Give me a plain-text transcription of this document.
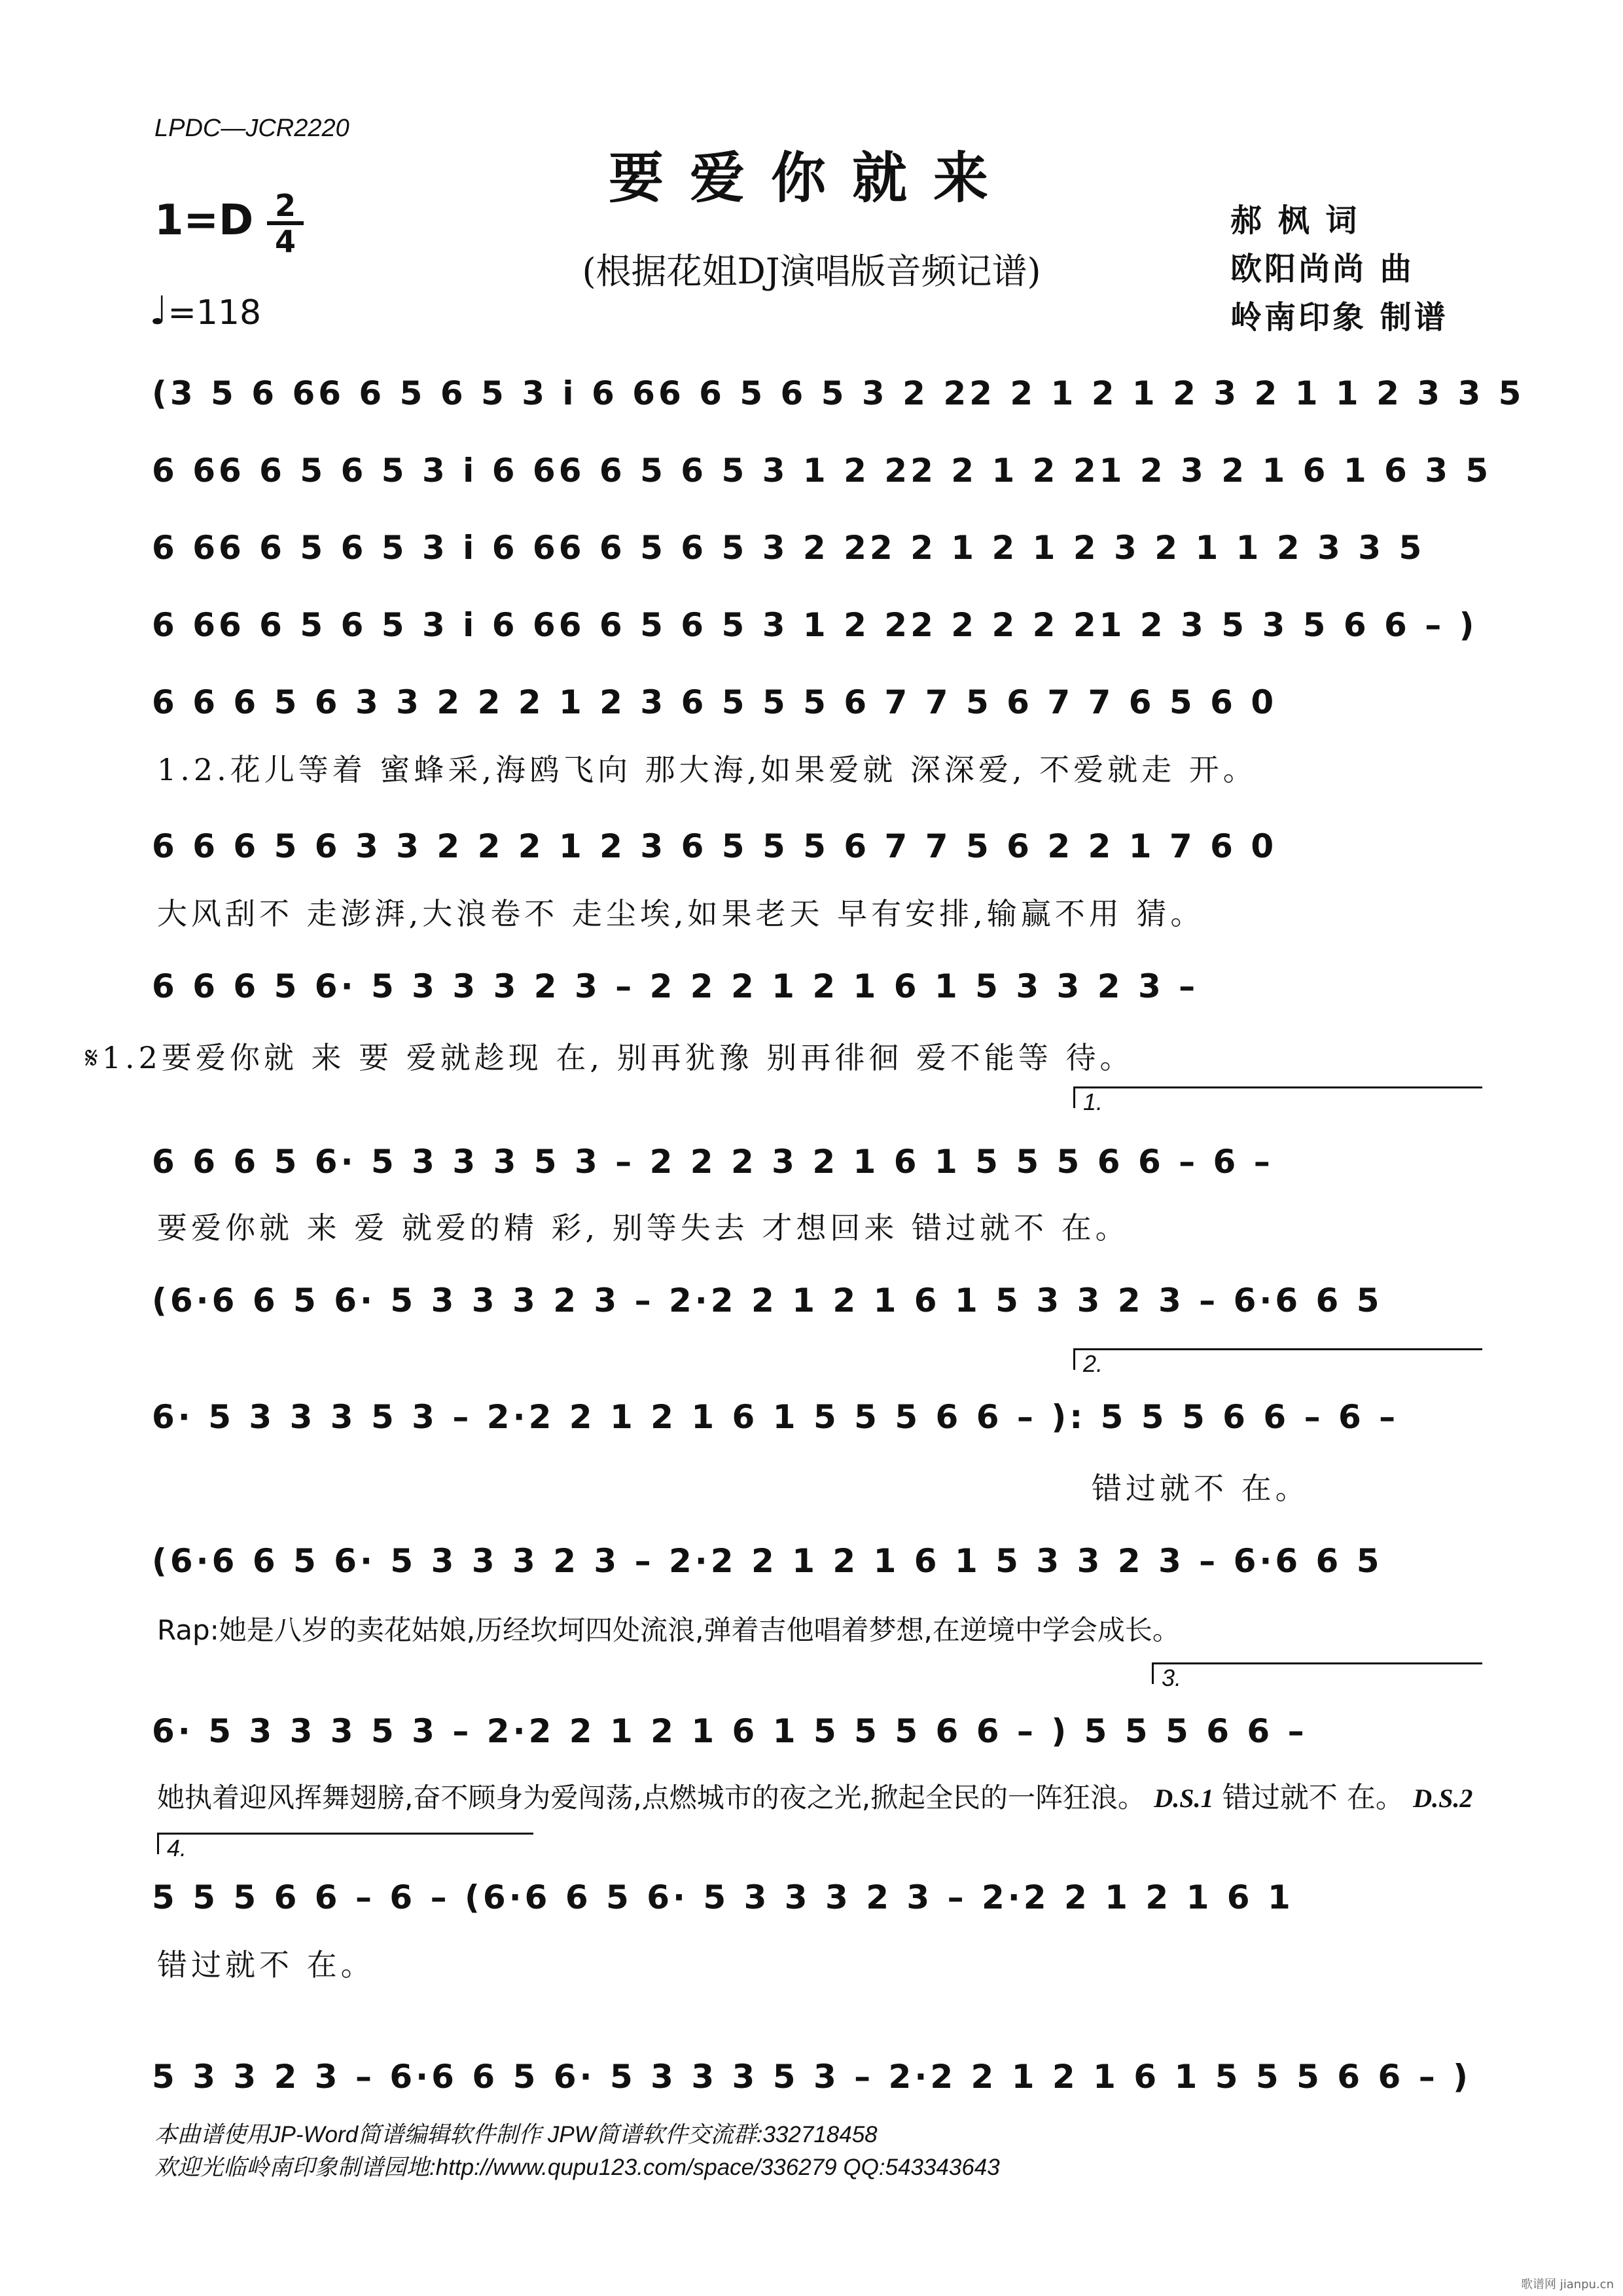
LPDC—JCR2220
要爱你就来
(根据花姐DJ演唱版音频记谱)
$1=D \frac{2}{4}$
♩=118
郝 枫 词
欧阳尚尚 曲
岭南印象 制谱
(3 5 6 66 6 5 6 5 3 i 6 66 6 5 6 5 3 2 22 2 1 2 1 2 3 2 1 1 2 3 3 5
6 66 6 5 6 5 3 i 6 66 6 5 6 5 3 1 2 22 2 1 2 21 2 3 2 1 6 1 6 3 5
6 66 6 5 6 5 3 i 6 66 6 5 6 5 3 2 22 2 1 2 1 2 3 2 1 1 2 3 3 5
6 66 6 5 6 5 3 i 6 66 6 5 6 5 3 1 2 22 2 2 2 21 2 3 5 3 5 6 6 – )
6 6 6 5 6 3 3 2 2 2 1 2 3 6 5 5 5 6 7 7 5 6 7 7 6 5 6 0
1.2.花儿等着 蜜蜂采,海鸥飞向 那大海,如果爱就 深深爱, 不爱就走 开。
6 6 6 5 6 3 3 2 2 2 1 2 3 6 5 5 5 6 7 7 5 6 2 2 1 7 6 0
大风刮不 走澎湃,大浪卷不 走尘埃,如果老天 早有安排,输赢不用 猜。
6 6 6 5 6· 5 3 3 3 2 3 – 2 2 2 1 2 1 6 1 5 3 3 2 3 –
𝄋1.2要爱你就 来 要 爱就趁现 在, 别再犹豫 别再徘徊 爱不能等 待。
1.
6 6 6 5 6· 5 3 3 3 5 3 – 2 2 2 3 2 1 6 1 5 5 5 6 6 – 6 –
要爱你就 来 爱 就爱的精 彩, 别等失去 才想回来 错过就不 在。
(6·6 6 5 6· 5 3 3 3 2 3 – 2·2 2 1 2 1 6 1 5 3 3 2 3 – 6·6 6 5
2.
6· 5 3 3 3 5 3 – 2·2 2 1 2 1 6 1 5 5 5 6 6 – ): 5 5 5 6 6 – 6 –
错过就不 在。
(6·6 6 5 6· 5 3 3 3 2 3 – 2·2 2 1 2 1 6 1 5 3 3 2 3 – 6·6 6 5
Rap:她是八岁的卖花姑娘,历经坎坷四处流浪,弹着吉他唱着梦想,在逆境中学会成长。
3.
6· 5 3 3 3 5 3 – 2·2 2 1 2 1 6 1 5 5 5 6 6 – ) 5 5 5 6 6 –
她执着迎风挥舞翅膀,奋不顾身为爱闯荡,点燃城市的夜之光,掀起全民的一阵狂浪。 D.S.1 错过就不 在。 D.S.2
4.
5 5 5 6 6 – 6 – (6·6 6 5 6· 5 3 3 3 2 3 – 2·2 2 1 2 1 6 1
错过就不 在。
5 3 3 2 3 – 6·6 6 5 6· 5 3 3 3 5 3 – 2·2 2 1 2 1 6 1 5 5 5 6 6 – )
本曲谱使用JP-Word简谱编辑软件制作 JPW简谱软件交流群:332718458
欢迎光临岭南印象制谱园地:http://www.qupu123.com/space/336279 QQ:543343643
歌谱网 jianpu.cn
